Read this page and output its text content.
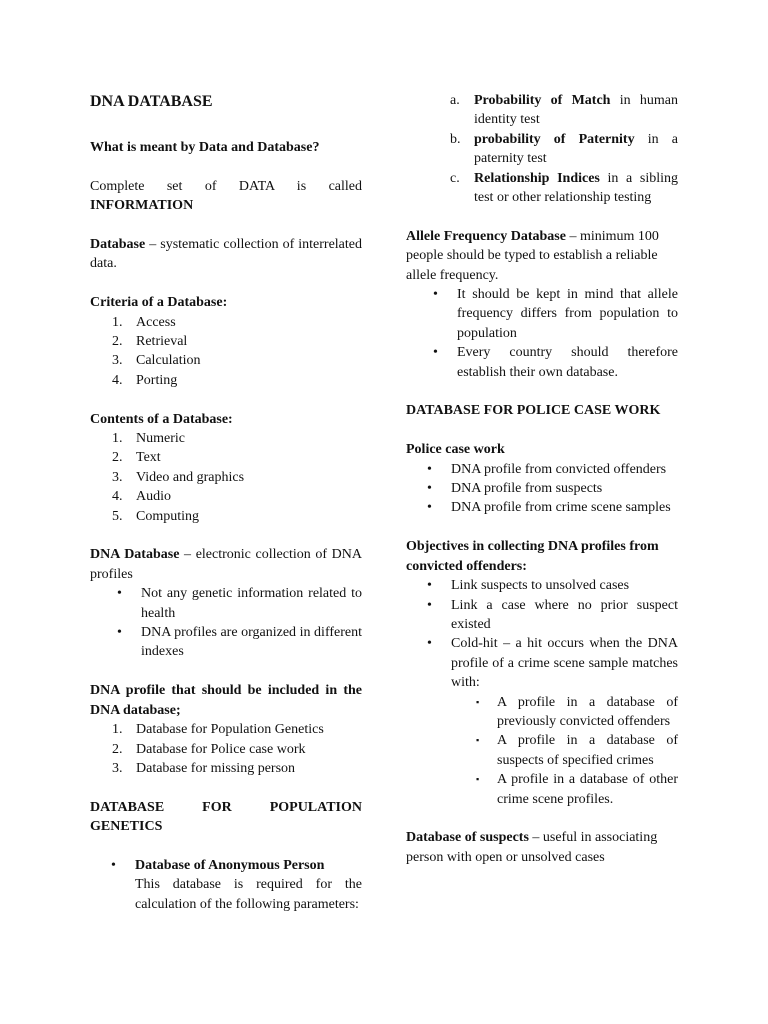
DNA DATABASE

What is meant by Data and Database?

Complete set of DATA is called

INFORMATION

Database – systematic collection of interrelated data.

Criteria of a Database:

1. Access
2. Retrieval
3. Calculation
4. Porting

Contents of a Database:

1. Numeric
2. Text
3. Video and graphics
4. Audio
5. Computing

DNA Database – electronic collection of DNA profiles

• Not any genetic information related to health
• DNA profiles are organized in different indexes

DNA profile that should be included in the DNA database;

1. Database for Population Genetics
2. Database for Police case work
3. Database for missing person

DATABASE FOR POPULATION

GENETICS

• Database of Anonymous Person

This database is required for the calculation of the following parameters:

a. Probability of Match in human identity test
b. probability of Paternity in a paternity test
c. Relationship Indices in a sibling test or other relationship testing

Allele Frequency Database – minimum 100 people should be typed to establish a reliable allele frequency.

• It should be kept in mind that allele frequency differs from population to population
• Every country should therefore establish their own database.

DATABASE FOR POLICE CASE WORK

Police case work

• DNA profile from convicted offenders
• DNA profile from suspects
• DNA profile from crime scene samples

Objectives in collecting DNA profiles from convicted offenders:

• Link suspects to unsolved cases
• Link a case where no prior suspect existed
• Cold-hit – a hit occurs when the DNA profile of a crime scene sample matches with:
▪ A profile in a database of previously convicted offenders
▪ A profile in a database of suspects of specified crimes
▪ A profile in a database of other crime scene profiles.

Database of suspects – useful in associating person with open or unsolved cases
